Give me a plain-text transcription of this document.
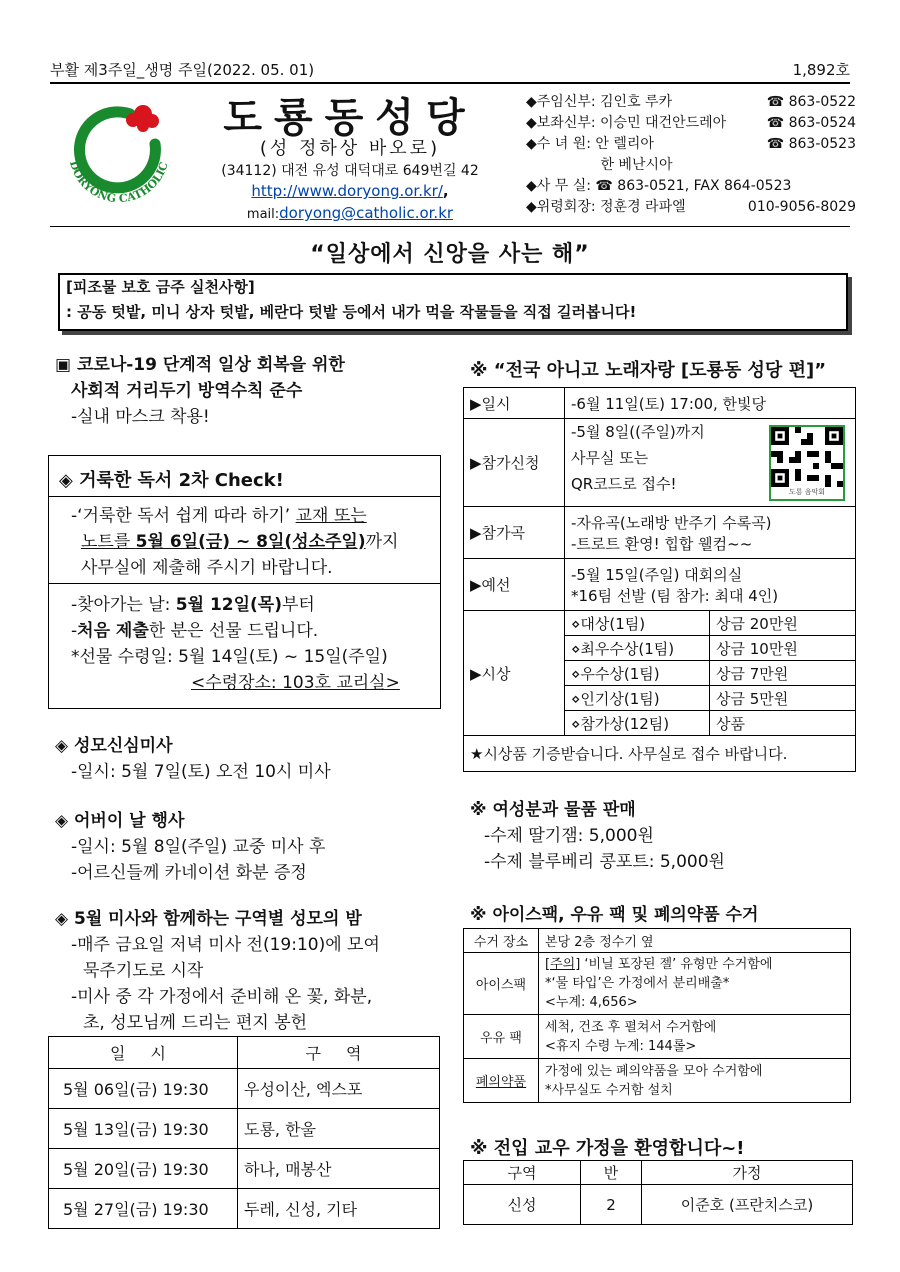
부활 제3주일_생명 주일(2022. 05. 01)	1,892호
DORYONG CATHOLIC
도룡동성당
(성 정하상 바오로)
(34112) 대전 유성 대덕대로 649번길 42
http://www.doryong.or.kr/,
mail:doryong@catholic.or.kr
◆주임신부: 김인호 루카	☎ 863-0522
◆보좌신부: 이승민 대건안드레아	☎ 863-0524
◆수 녀 원: 안 렐리아	☎ 863-0523
　　　　　 한 베난시아
◆사 무 실: ☎ 863-0521, FAX 864-0523
◆위령회장: 정훈경 라파엘	010-9056-8029
“일상에서 신앙을 사는 해”
[피조물 보호 금주 실천사항]
: 공동 텃밭, 미니 상자 텃밭, 베란다 텃밭 등에서 내가 먹을 작물들을 직접 길러봅니다!
▣ 코로나-19 단계적 일상 회복을 위한
사회적 거리두기 방역수칙 준수
-실내 마스크 착용!
◈ 거룩한 독서 2차 Check!
-‘거룩한 독서 쉽게 따라 하기’ 교재 또는
노트를 5월 6일(금) ~ 8일(성소주일)까지
사무실에 제출해 주시기 바랍니다.
-찾아가는 날: 5월 12일(목)부터
-처음 제출한 분은 선물 드립니다.
*선물 수령일: 5월 14일(토) ~ 15일(주일)
<수령장소: 103호 교리실>
◈ 성모신심미사
-일시: 5월 7일(토) 오전 10시 미사
◈ 어버이 날 행사
-일시: 5월 8일(주일) 교중 미사 후
-어르신들께 카네이션 화분 증정
◈ 5월 미사와 함께하는 구역별 성모의 밤
-매주 금요일 저녁 미사 전(19:10)에 모여
묵주기도로 시작
-미사 중 각 가정에서 준비해 온 꽃, 화분,
초, 성모님께 드리는 편지 봉헌
일 시	구 역
5월 06일(금) 19:30	우성이산, 엑스포
5월 13일(금) 19:30	도룡, 한울
5월 20일(금) 19:30	하나, 매봉산
5월 27일(금) 19:30	두레, 신성, 기타
※ “전국 아니고 노래자랑 [도룡동 성당 편]”
▶일시	-6월 11일(토) 17:00, 한빛당	
▶참가신청	-5월 8일((주일)까지
사무실 또는
QR코드로 접수! 도룡 음악회	

▶참가곡	-자유곡(노래방 반주기 수록곡)
-트로트 환영! 힙합 웰컴~~	

▶예선	-5월 15일(주일) 대회의실
*16팀 선발 (팀 참가: 최대 4인)	

▶시상	⋄대상(1팀)	상금 20만원
	⋄최우수상(1팀)	상금 10만원
	⋄우수상(1팀)	상금 7만원
	⋄인기상(1팀)	상금 5만원
	⋄참가상(12팀)	상품
★시상품 기증받습니다. 사무실로 접수 바랍니다.		
※ 여성분과 물품 판매
-수제 딸기잼: 5,000원
-수제 블루베리 콩포트: 5,000원
※ 아이스팩, 우유 팩 및 폐의약품 수거
수거 장소	본당 2층 정수기 옆
아이스팩	[주의] ‘비닐 포장된 젤’ 유형만 수거함에
*‘물 타입’은 가정에서 분리배출*
<누계: 4,656>

우유 팩	세척, 건조 후 펼쳐서 수거함에
<휴지 수령 누계: 144롤>

폐의약품	가정에 있는 폐의약품을 모아 수거함에
*사무실도 수거함 설치
※ 전입 교우 가정을 환영합니다~!
구역	반	가정
신성	2	이준호 (프란치스코)
